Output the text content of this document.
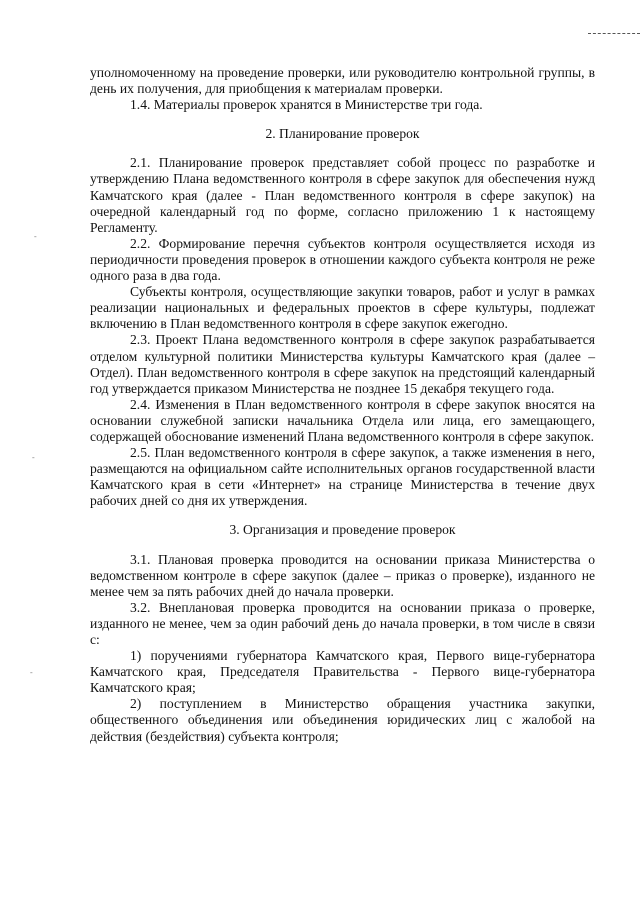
-
-
-

уполномоченному на проведение проверки, или руководителю контрольной группы, в день их получения, для приобщения к материалам проверки.

1.4. Материалы проверок хранятся в Министерстве три года.

2. Планирование проверок

2.1. Планирование проверок представляет собой процесс по разработке и утверждению Плана ведомственного контроля в сфере закупок для обеспечения нужд Камчатского края (далее - План ведомственного контроля в сфере закупок) на очередной календарный год по форме, согласно приложению 1 к настоящему Регламенту.

2.2. Формирование перечня субъектов контроля осуществляется исходя из периодичности проведения проверок в отношении каждого субъекта контроля не реже одного раза в два года.

Субъекты контроля, осуществляющие закупки товаров, работ и услуг в рамках реализации национальных и федеральных проектов в сфере культуры, подлежат включению в План ведомственного контроля в сфере закупок ежегодно.

2.3. Проект Плана ведомственного контроля в сфере закупок разрабатывается отделом культурной политики Министерства культуры Камчатского края (далее – Отдел). План ведомственного контроля в сфере закупок на предстоящий календарный год утверждается приказом Министерства не позднее 15 декабря текущего года.

2.4. Изменения в План ведомственного контроля в сфере закупок вносятся на основании служебной записки начальника Отдела или лица, его замещающего, содержащей обоснование изменений Плана ведомственного контроля в сфере закупок.

2.5. План ведомственного контроля в сфере закупок, а также изменения в него, размещаются на официальном сайте исполнительных органов государственной власти Камчатского края в сети «Интернет» на странице Министерства в течение двух рабочих дней со дня их утверждения.

3. Организация и проведение проверок

3.1. Плановая проверка проводится на основании приказа Министерства о ведомственном контроле в сфере закупок (далее – приказ о проверке), изданного не менее чем за пять рабочих дней до начала проверки.

3.2. Внеплановая проверка проводится на основании приказа о проверке, изданного не менее, чем за один рабочий день до начала проверки, в том числе в связи с:

1) поручениями губернатора Камчатского края, Первого вице-губернатора Камчатского края, Председателя Правительства - Первого вице-губернатора Камчатского края;

2) поступлением в Министерство обращения участника закупки, общественного объединения или объединения юридических лиц с жалобой на действия (бездействия) субъекта контроля;
